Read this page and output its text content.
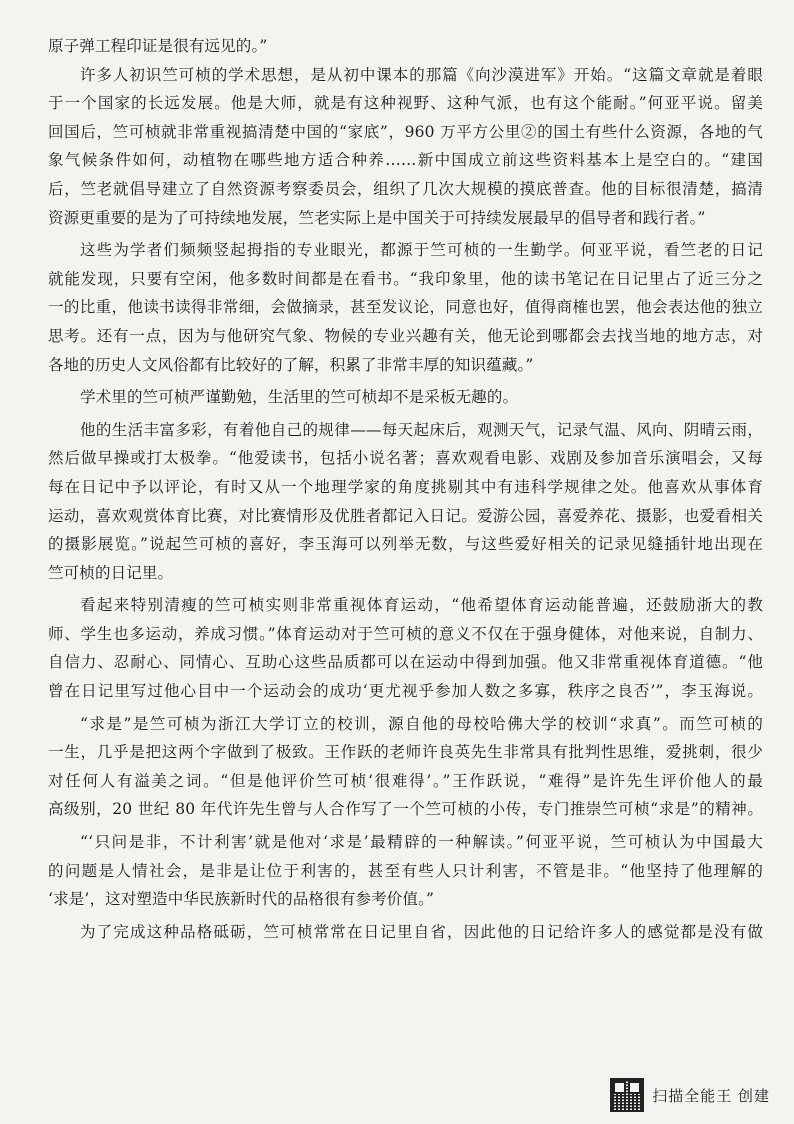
原子弹工程印证是很有远见的。”
许多人初识竺可桢的学术思想，是从初中课本的那篇《向沙漠进军》开始。“这篇文章就是着眼
于一个国家的长远发展。他是大师，就是有这种视野、这种气派，也有这个能耐。”何亚平说。留美
回国后，竺可桢就非常重视搞清楚中国的“家底”，960 万平方公里②的国土有些什么资源，各地的气
象气候条件如何，动植物在哪些地方适合种养……新中国成立前这些资料基本上是空白的。“建国
后，竺老就倡导建立了自然资源考察委员会，组织了几次大规模的摸底普查。他的目标很清楚，搞清
资源更重要的是为了可持续地发展，竺老实际上是中国关于可持续发展最早的倡导者和践行者。”
这些为学者们频频竖起拇指的专业眼光，都源于竺可桢的一生勤学。何亚平说，看竺老的日记
就能发现，只要有空闲，他多数时间都是在看书。“我印象里，他的读书笔记在日记里占了近三分之
一的比重，他读书读得非常细，会做摘录，甚至发议论，同意也好，值得商榷也罢，他会表达他的独立
思考。还有一点，因为与他研究气象、物候的专业兴趣有关，他无论到哪都会去找当地的地方志，对
各地的历史人文风俗都有比较好的了解，积累了非常丰厚的知识蕴藏。”
学术里的竺可桢严谨勤勉，生活里的竺可桢却不是采板无趣的。
他的生活丰富多彩，有着他自己的规律——每天起床后，观测天气，记录气温、风向、阴晴云雨，
然后做早操或打太极拳。“他爱读书，包括小说名著；喜欢观看电影、戏剧及参加音乐演唱会，又每
每在日记中予以评论，有时又从一个地理学家的角度挑剔其中有违科学规律之处。他喜欢从事体育
运动，喜欢观赏体育比赛，对比赛情形及优胜者都记入日记。爱游公园，喜爱养花、摄影，也爱看相关
的摄影展览。”说起竺可桢的喜好，李玉海可以列举无数，与这些爱好相关的记录见缝插针地出现在
竺可桢的日记里。
看起来特别清瘦的竺可桢实则非常重视体育运动，“他希望体育运动能普遍，还鼓励浙大的教
师、学生也多运动，养成习惯。”体育运动对于竺可桢的意义不仅在于强身健体，对他来说，自制力、
自信力、忍耐心、同情心、互助心这些品质都可以在运动中得到加强。他又非常重视体育道德。“他
曾在日记里写过他心目中一个运动会的成功‘更尤视乎参加人数之多寡，秩序之良否’”，李玉海说。
“求是”是竺可桢为浙江大学订立的校训，源自他的母校哈佛大学的校训“求真”。而竺可桢的
一生，几乎是把这两个字做到了极致。王作跃的老师许良英先生非常具有批判性思维，爱挑刺，很少
对任何人有溢美之词。“但是他评价竺可桢‘很难得’。”王作跃说，“难得”是许先生评价他人的最
高级别，20 世纪 80 年代许先生曾与人合作写了一个竺可桢的小传，专门推崇竺可桢“求是”的精神。
“‘只问是非，不计利害’就是他对‘求是’最精辟的一种解读。”何亚平说，竺可桢认为中国最大
的问题是人情社会，是非是让位于利害的，甚至有些人只计利害，不管是非。“他坚持了他理解的
‘求是’，这对塑造中华民族新时代的品格很有参考价值。”
为了完成这种品格砥砺，竺可桢常常在日记里自省，因此他的日记给许多人的感觉都是没有做
扫描全能王 创建
